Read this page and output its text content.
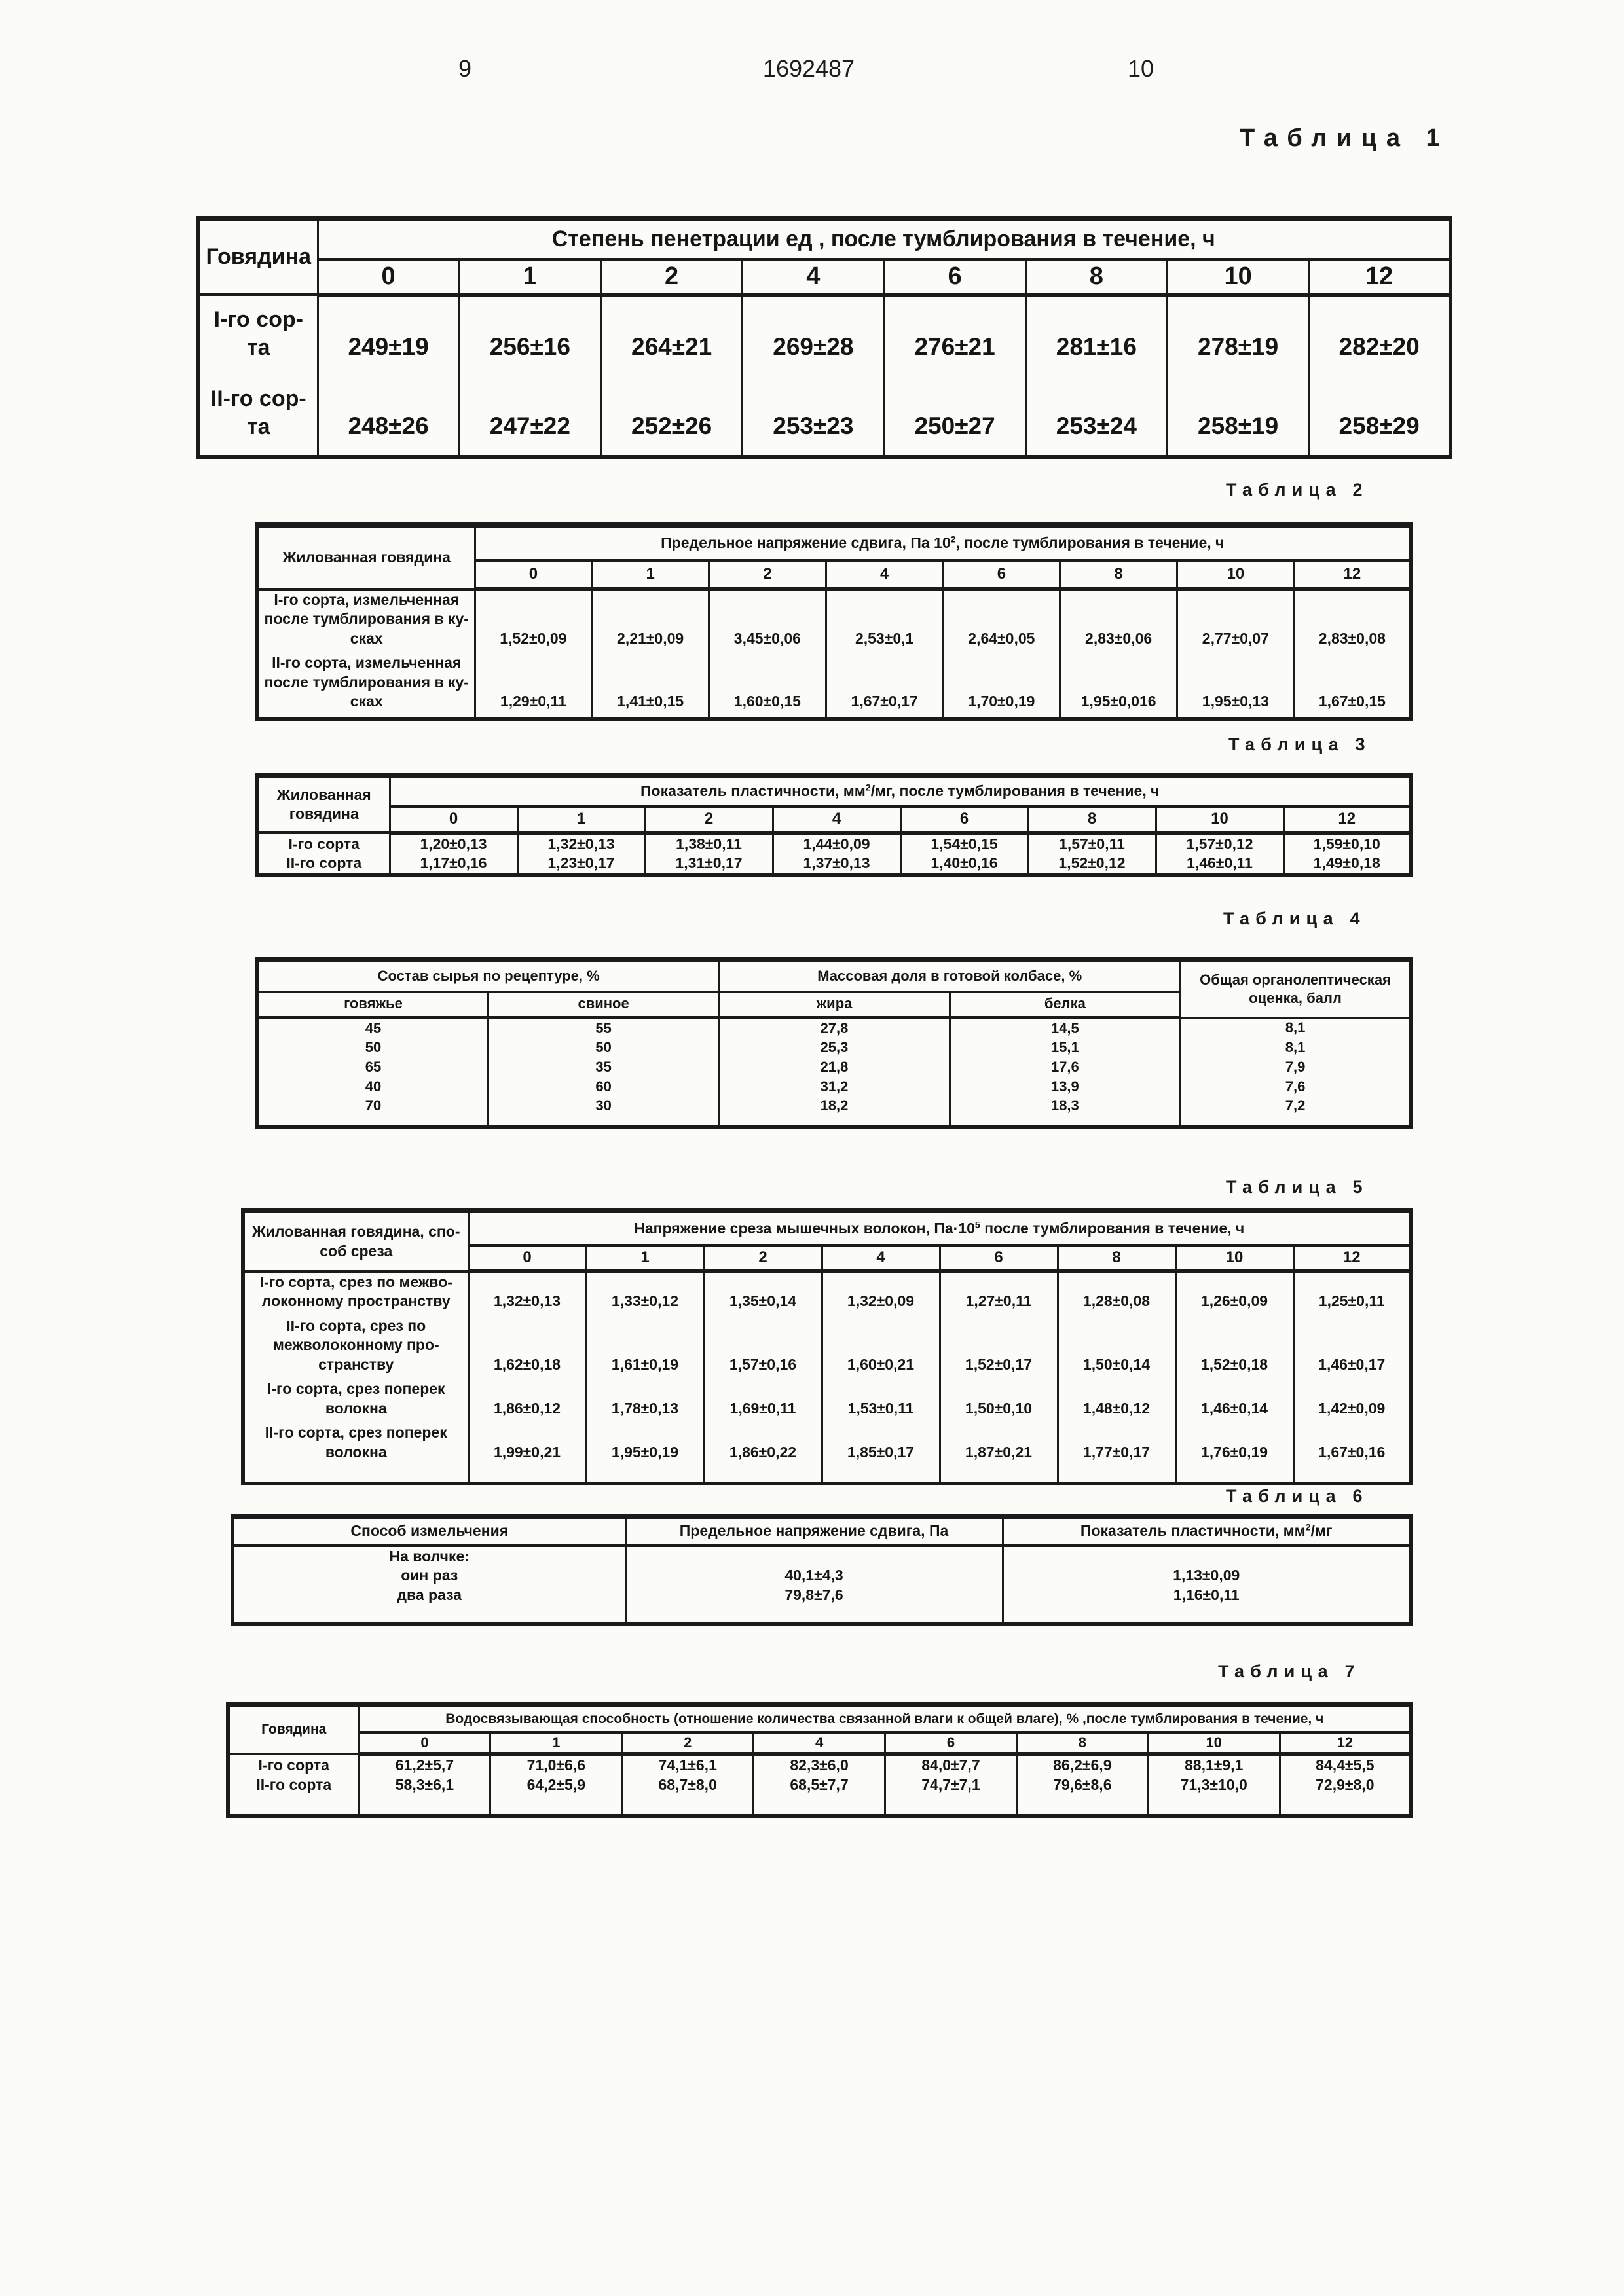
9	1692487	10
Таблица 1
Говядина	Степень пенетрации ед , после тумблирования в течение, ч							
	0	1	2	4	6	8	10	12
I-го сор-
та	249±19	256±16	264±21	269±28	276±21	281±16	278±19	282±20
II-го сор-
та	248±26	247±22	252±26	253±23	250±27	253±24	258±19	258±29
Таблица 2
Жилованная говядина	Предельное напряжение сдвига, Па $10^2$, после тумблирования в течение, ч							
	0	1	2	4	6	8	10	12
I-го сорта, измельченная
после тумблирования в ку-
сках	1,52±0,09	2,21±0,09	3,45±0,06	2,53±0,1	2,64±0,05	2,83±0,06	2,77±0,07	2,83±0,08
II-го сорта, измельченная
после тумблирования в ку-
сках	1,29±0,11	1,41±0,15	1,60±0,15	1,67±0,17	1,70±0,19	1,95±0,016	1,95±0,13	1,67±0,15
Таблица 3
Жилованная
говядина	Показатель пластичности, $мм^2/мг$, после тумблирования в течение, ч							
	0	1	2	4	6	8	10	12
I-го сорта	1,20±0,13	1,32±0,13	1,38±0,11	1,44±0,09	1,54±0,15	1,57±0,11	1,57±0,12	1,59±0,10
II-го сорта	1,17±0,16	1,23±0,17	1,31±0,17	1,37±0,13	1,40±0,16	1,52±0,12	1,46±0,11	1,49±0,18
Таблица 4
Состав сырья по рецептуре, %		Массовая доля в готовой колбасе, %		Общая органолептическая оценка, балл
говяжье	свиное	жира	белка	
45	55	27,8	14,5	8,1
50	50	25,3	15,1	8,1
65	35	21,8	17,6	7,9
40	60	31,2	13,9	7,6
70	30	18,2	18,3	7,2
Таблица 5
Жилованная говядина, спо-
соб среза	Напряжение среза мышечных волокон, $Па\cdot 10^5$ после тумблирования в течение, ч							
	0	1	2	4	6	8	10	12
I-го сорта, срез по межво-
локонному пространству	1,32±0,13	1,33±0,12	1,35±0,14	1,32±0,09	1,27±0,11	1,28±0,08	1,26±0,09	1,25±0,11
II-го сорта, срез по
межволоконному про-
странству	1,62±0,18	1,61±0,19	1,57±0,16	1,60±0,21	1,52±0,17	1,50±0,14	1,52±0,18	1,46±0,17
I-го сорта, срез поперек
волокна	1,86±0,12	1,78±0,13	1,69±0,11	1,53±0,11	1,50±0,10	1,48±0,12	1,46±0,14	1,42±0,09
II-го сорта, срез поперек
волокна	1,99±0,21	1,95±0,19	1,86±0,22	1,85±0,17	1,87±0,21	1,77±0,17	1,76±0,19	1,67±0,16
Таблица 6
Способ измельчения	Предельное напряжение сдвига, Па	Показатель пластичности, $мм^2/мг$
На волчке:		
оин раз	40,1±4,3	1,13±0,09
два раза	79,8±7,6	1,16±0,11
Таблица 7
Говядина	Водосвязывающая способность (отношение количества связанной влаги к общей влаге), % ,после тумблирования в течение, ч							
	0	1	2	4	6	8	10	12
I-го сорта	61,2±5,7	71,0±6,6	74,1±6,1	82,3±6,0	84,0±7,7	86,2±6,9	88,1±9,1	84,4±5,5
II-го сорта	58,3±6,1	64,2±5,9	68,7±8,0	68,5±7,7	74,7±7,1	79,6±8,6	71,3±10,0	72,9±8,0
